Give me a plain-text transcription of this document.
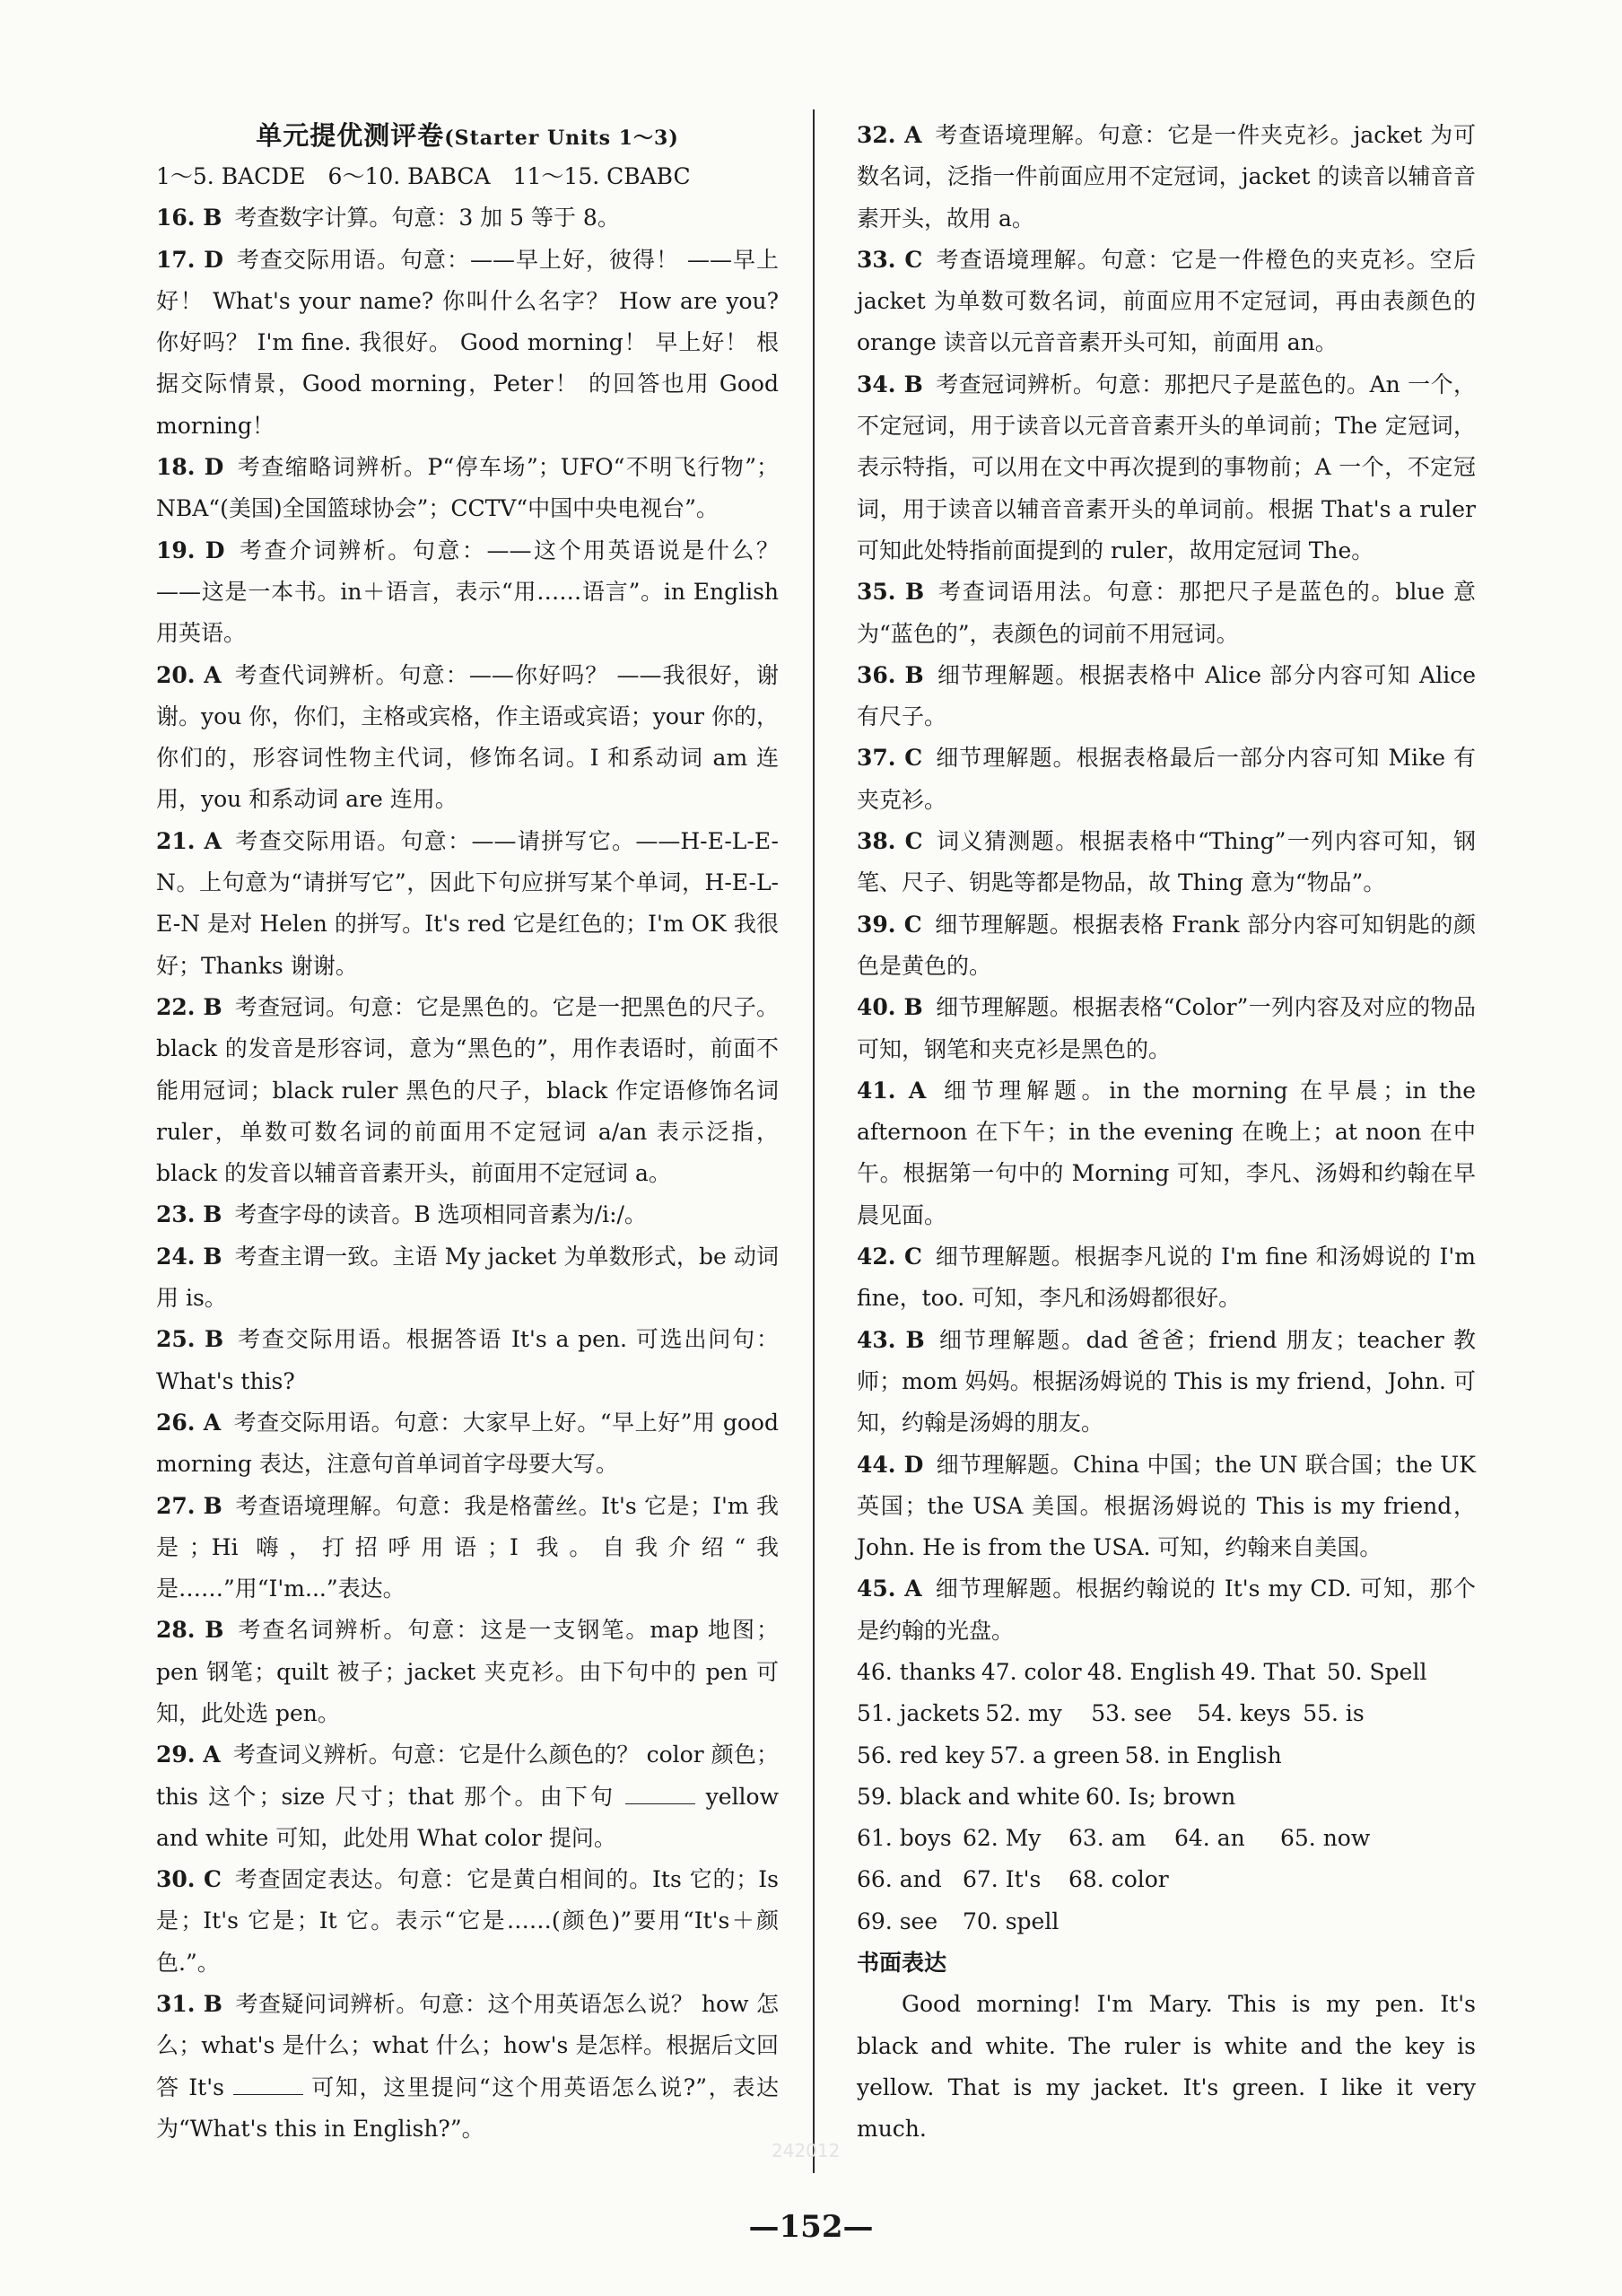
单元提优测评卷(Starter Units 1～3)
1～5. BACDE　6～10. BABCA　11～15. CBABC
16. B 考查数字计算。句意：3 加 5 等于 8。
17. D 考查交际用语。句意：——早上好，彼得！ ——早上好！ What's your name? 你叫什么名字？ How are you? 你好吗？ I'm fine. 我很好。 Good morning！ 早上好！ 根据交际情景，Good morning，Peter！ 的回答也用 Good morning！
18. D 考查缩略词辨析。P“停车场”；UFO“不明飞行物”；NBA“(美国)全国篮球协会”；CCTV“中国中央电视台”。
19. D 考查介词辨析。句意：——这个用英语说是什么？ ——这是一本书。in＋语言，表示“用……语言”。in English 用英语。
20. A 考查代词辨析。句意：——你好吗？ ——我很好，谢谢。you 你，你们，主格或宾格，作主语或宾语；your 你的，你们的，形容词性物主代词，修饰名词。I 和系动词 am 连用，you 和系动词 are 连用。
21. A 考查交际用语。句意：——请拼写它。——H-E-L-E-N。上句意为“请拼写它”，因此下句应拼写某个单词，H-E-L-E-N 是对 Helen 的拼写。It's red 它是红色的；I'm OK 我很好；Thanks 谢谢。
22. B 考查冠词。句意：它是黑色的。它是一把黑色的尺子。black 的发音是形容词，意为“黑色的”，用作表语时，前面不能用冠词；black ruler 黑色的尺子，black 作定语修饰名词 ruler，单数可数名词的前面用不定冠词 a/an 表示泛指，black 的发音以辅音音素开头，前面用不定冠词 a。
23. B 考查字母的读音。B 选项相同音素为/i:/。
24. B 考查主谓一致。主语 My jacket 为单数形式，be 动词用 is。
25. B 考查交际用语。根据答语 It's a pen. 可选出问句：What's this?
26. A 考查交际用语。句意：大家早上好。“早上好”用 good morning 表达，注意句首单词首字母要大写。
27. B 考查语境理解。句意：我是格蕾丝。It's 它是；I'm 我是；Hi 嗨，打招呼用语；I 我。自我介绍“我是……”用“I'm...”表达。
28. B 考查名词辨析。句意：这是一支钢笔。map 地图；pen 钢笔；quilt 被子；jacket 夹克衫。由下句中的 pen 可知，此处选 pen。
29. A 考查词义辨析。句意：它是什么颜色的？ color 颜色；this 这个；size 尺寸；that 那个。由下句	yellow and white 可知，此处用 What color 提问。
30. C 考查固定表达。句意：它是黄白相间的。Its 它的；Is 是；It's 它是；It 它。表示“它是……(颜色)”要用“It's＋颜色.”。
31. B 考查疑问词辨析。句意：这个用英语怎么说？ how 怎么；what's 是什么；what 什么；how's 是怎样。根据后文回答 It's	可知，这里提问“这个用英语怎么说?”，表达为“What's this in English?”。
32. A 考查语境理解。句意：它是一件夹克衫。jacket 为可数名词，泛指一件前面应用不定冠词，jacket 的读音以辅音音素开头，故用 a。
33. C 考查语境理解。句意：它是一件橙色的夹克衫。空后 jacket 为单数可数名词，前面应用不定冠词，再由表颜色的 orange 读音以元音音素开头可知，前面用 an。
34. B 考查冠词辨析。句意：那把尺子是蓝色的。An 一个，不定冠词，用于读音以元音音素开头的单词前；The 定冠词，表示特指，可以用在文中再次提到的事物前；A 一个，不定冠词，用于读音以辅音音素开头的单词前。根据 That's a ruler 可知此处特指前面提到的 ruler，故用定冠词 The。
35. B 考查词语用法。句意：那把尺子是蓝色的。blue 意为“蓝色的”，表颜色的词前不用冠词。
36. B 细节理解题。根据表格中 Alice 部分内容可知 Alice 有尺子。
37. C 细节理解题。根据表格最后一部分内容可知 Mike 有夹克衫。
38. C 词义猜测题。根据表格中“Thing”一列内容可知，钢笔、尺子、钥匙等都是物品，故 Thing 意为“物品”。
39. C 细节理解题。根据表格 Frank 部分内容可知钥匙的颜色是黄色的。
40. B 细节理解题。根据表格“Color”一列内容及对应的物品可知，钢笔和夹克衫是黑色的。
41. A 细节理解题。in the morning 在早晨；in the afternoon 在下午；in the evening 在晚上；at noon 在中午。根据第一句中的 Morning 可知，李凡、汤姆和约翰在早晨见面。
42. C 细节理解题。根据李凡说的 I'm fine 和汤姆说的 I'm fine，too. 可知，李凡和汤姆都很好。
43. B 细节理解题。dad 爸爸；friend 朋友；teacher 教师；mom 妈妈。根据汤姆说的 This is my friend，John. 可知，约翰是汤姆的朋友。
44. D 细节理解题。China 中国；the UN 联合国；the UK 英国；the USA 美国。根据汤姆说的 This is my friend，John. He is from the USA. 可知，约翰来自美国。
45. A 细节理解题。根据约翰说的 It's my CD. 可知，那个是约翰的光盘。
46. thanks 47. color 48. English 49. That 50. Spell
51. jackets 52. my 53. see 54. keys 55. is
56. red key 57. a green 58. in English
59. black and white 60. Is; brown
61. boys 62. My 63. am 64. an 65. now
66. and 67. It's 68. color
69. see 70. spell
书面表达
Good morning! I'm Mary. This is my pen. It's black and white. The ruler is white and the key is yellow. That is my jacket. It's green. I like it very much.
242012
—152—
